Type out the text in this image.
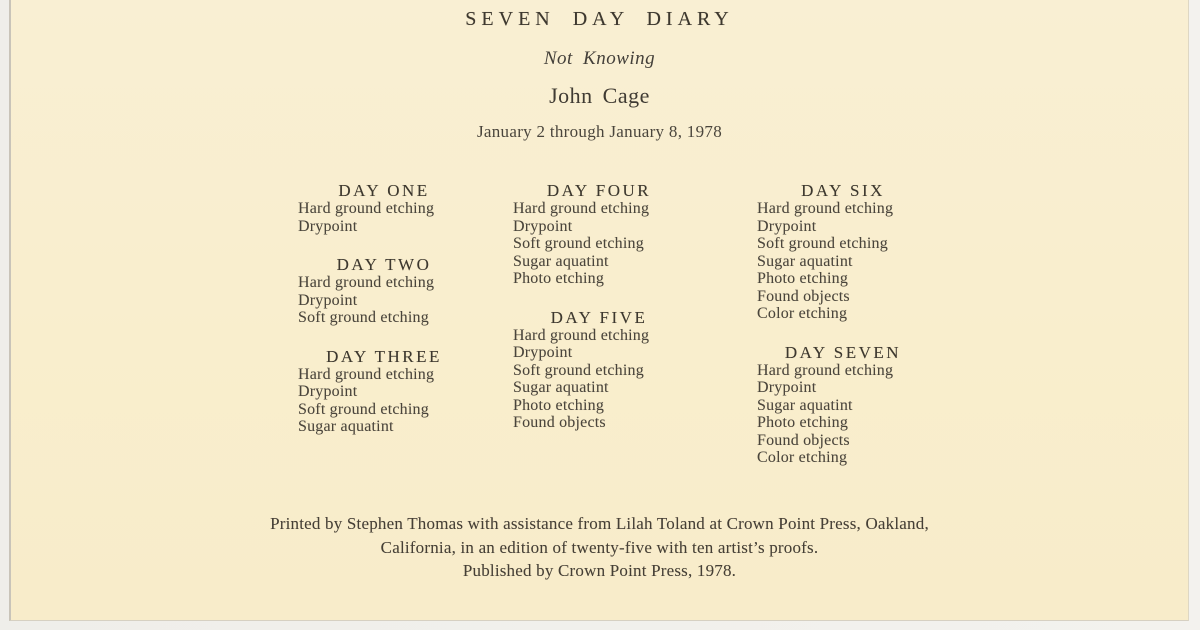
SEVEN DAY DIARY
Not Knowing
John Cage
January 2 through January 8, 1978
DAY ONE
Hard ground etching
Drypoint
DAY TWO
Hard ground etching
Drypoint
Soft ground etching
DAY THREE
Hard ground etching
Drypoint
Soft ground etching
Sugar aquatint
DAY FOUR
Hard ground etching
Drypoint
Soft ground etching
Sugar aquatint
Photo etching
DAY FIVE
Hard ground etching
Drypoint
Soft ground etching
Sugar aquatint
Photo etching
Found objects
DAY SIX
Hard ground etching
Drypoint
Soft ground etching
Sugar aquatint
Photo etching
Found objects
Color etching
DAY SEVEN
Hard ground etching
Drypoint
Sugar aquatint
Photo etching
Found objects
Color etching
Printed by Stephen Thomas with assistance from Lilah Toland at Crown Point Press, Oakland,
California, in an edition of twenty-five with ten artist’s proofs.
Published by Crown Point Press, 1978.
